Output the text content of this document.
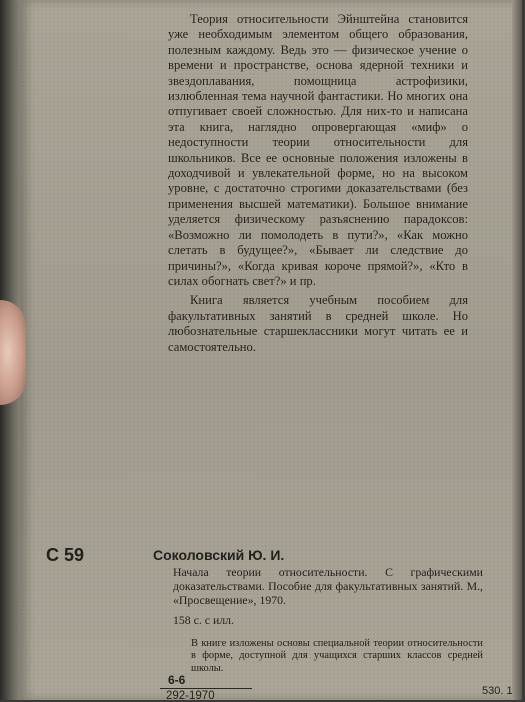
Теория относительности Эйнштейна становится уже необходимым элементом общего образования, полезным каждому. Ведь это — физическое учение о времени и пространстве, основа ядерной техники и звездоплавания, помощница астрофизики, излюбленная тема научной фантастики. Но многих она отпугивает своей сложностью. Для них-то и написана эта книга, наглядно опровергающая «миф» о недоступности теории относительности для школьников. Все ее основные положения изложены в доходчивой и увлекательной форме, но на высоком уровне, с достаточно строгими доказательствами (без применения высшей математики). Большое внимание уделяется физическому разъяснению парадоксов: «Возможно ли помолодеть в пути?», «Как можно слетать в будущее?», «Бывает ли следствие до причины?», «Когда кривая короче прямой?», «Кто в силах обогнать свет?» и пр.

Книга является учебным пособием для факультативных занятий в средней школе. Но любознательные старшеклассники могут читать ее и самостоятельно.

С 59	Соколовский Ю. И.
Начала теории относительности. С графическими доказательствами. Пособие для факультативных занятий. М., «Просвещение», 1970.
158 с. с илл.
В книге изложены основы специальной теории относительности в форме, доступной для учащихся старших классов средней школы.
6-6
292-1970	530. 1
